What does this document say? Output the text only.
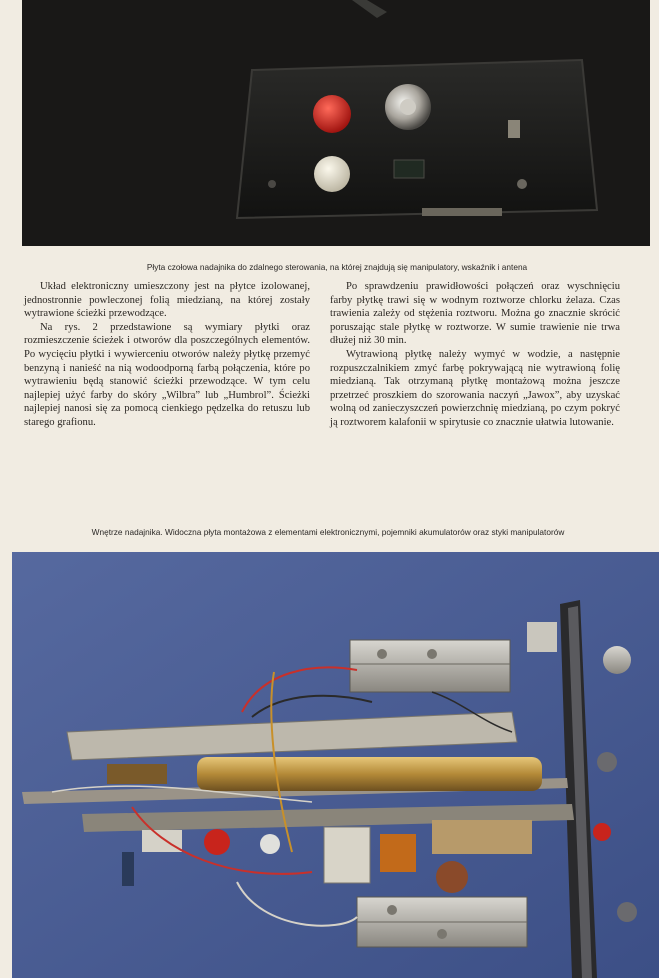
Płyta czołowa nadajnika do zdalnego sterowania, na której znajdują się manipulatory, wskaźnik i antena

Układ elektroniczny umieszczony jest na płytce izolowanej, jednostronnie powleczonej folią miedzianą, na której zostały wytrawione ścieżki przewodzące.

Na rys. 2 przedstawione są wymiary płytki oraz rozmieszczenie ścieżek i otworów dla poszczególnych elementów. Po wycięciu płytki i wywierceniu otworów należy płytkę przemyć benzyną i nanieść na nią wodoodporną farbą połączenia, które po wytrawieniu będą stanowić ścieżki przewodzące. W tym celu najlepiej użyć farby do skóry „Wilbra” lub „Humbrol”. Ścieżki najlepiej nanosi się za pomocą cienkiego pędzelka do retuszu lub starego grafionu.

Po sprawdzeniu prawidłowości połączeń oraz wyschnięciu farby płytkę trawi się w wodnym roztworze chlorku żelaza. Czas trawienia zależy od stężenia roztworu. Można go znacznie skrócić poruszając stale płytkę w roztworze. W sumie trawienie nie trwa dłużej niż 30 min.

Wytrawioną płytkę należy wymyć w wodzie, a następnie rozpuszczalnikiem zmyć farbę pokrywającą nie wytrawioną folię miedzianą. Tak otrzymaną płytkę montażową można jeszcze przetrzeć proszkiem do szorowania naczyń „Jawox”, aby uzyskać wolną od zanieczyszczeń powierzchnię miedzianą, po czym pokryć ją roztworem kalafonii w spirytusie co znacznie ułatwia lutowanie.

Wnętrze nadajnika. Widoczna płyta montażowa z elementami elektronicznymi, pojemniki akumulatorów oraz styki manipulatorów
